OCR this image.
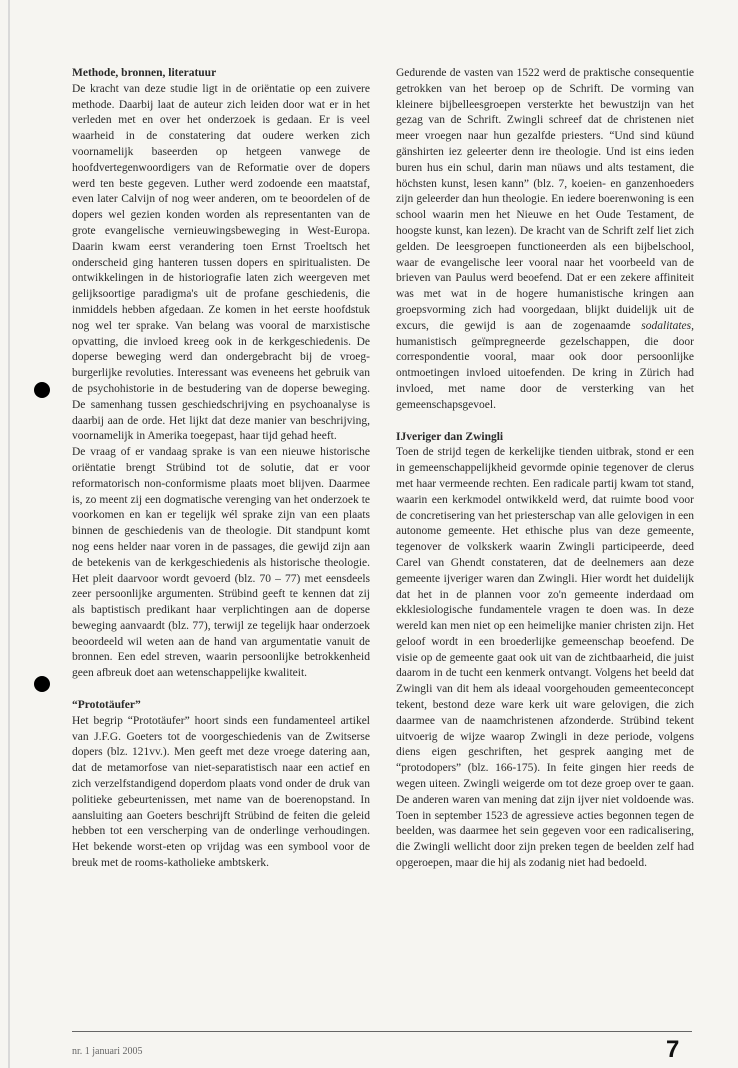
Methode, bronnen, literatuur

De kracht van deze studie ligt in de oriëntatie op een zuivere methode. Daarbij laat de auteur zich leiden door wat er in het verleden met en over het onderzoek is gedaan. Er is veel waarheid in de constatering dat oudere werken zich voornamelijk baseerden op hetgeen vanwege de hoofdvertegenwoordigers van de Reformatie over de dopers werd ten beste gegeven. Luther werd zodoende een maatstaf, even later Calvijn of nog weer anderen, om te beoordelen of de dopers wel gezien konden worden als representanten van de grote evangelische vernieuwingsbeweging in West-Europa. Daarin kwam eerst verandering toen Ernst Troeltsch het onderscheid ging hanteren tussen dopers en spiritualisten. De ontwikkelingen in de historiografie laten zich weergeven met gelijksoortige paradigma's uit de profane geschiedenis, die inmiddels hebben afgedaan. Ze komen in het eerste hoofdstuk nog wel ter sprake. Van belang was vooral de marxistische opvatting, die invloed kreeg ook in de kerkgeschiedenis. De doperse beweging werd dan ondergebracht bij de vroeg-burgerlijke revoluties. Interessant was eveneens het gebruik van de psychohistorie in de bestudering van de doperse beweging. De samenhang tussen geschiedschrijving en psychoanalyse is daarbij aan de orde. Het lijkt dat deze manier van beschrijving, voornamelijk in Amerika toegepast, haar tijd gehad heeft.

De vraag of er vandaag sprake is van een nieuwe historische oriëntatie brengt Strübind tot de solutie, dat er voor reformatorisch non-conformisme plaats moet blijven. Daarmee is, zo meent zij een dogmatische verenging van het onderzoek te voorkomen en kan er tegelijk wél sprake zijn van een plaats binnen de geschiedenis van de theologie. Dit standpunt komt nog eens helder naar voren in de passages, die gewijd zijn aan de betekenis van de kerkgeschiedenis als historische theologie. Het pleit daarvoor wordt gevoerd (blz. 70 – 77) met eensdeels zeer persoonlijke argumenten. Strübind geeft te kennen dat zij als baptistisch predikant haar verplichtingen aan de doperse beweging aanvaardt (blz. 77), terwijl ze tegelijk haar onderzoek beoordeeld wil weten aan de hand van argumentatie vanuit de bronnen. Een edel streven, waarin persoonlijke betrokkenheid geen afbreuk doet aan wetenschappelijke kwaliteit.

“Prototäufer”

Het begrip “Prototäufer” hoort sinds een fundamenteel artikel van J.F.G. Goeters tot de voorgeschiedenis van de Zwitserse dopers (blz. 121vv.). Men geeft met deze vroege datering aan, dat de metamorfose van niet-separatistisch naar een actief en zich verzelfstandigend doperdom plaats vond onder de druk van politieke gebeurtenissen, met name van de boerenopstand. In aansluiting aan Goeters beschrijft Strübind de feiten die geleid hebben tot een verscherping van de onderlinge verhoudingen. Het bekende worst-eten op vrijdag was een symbool voor de breuk met de rooms-katholieke ambtskerk.

Gedurende de vasten van 1522 werd de praktische consequentie getrokken van het beroep op de Schrift. De vorming van kleinere bijbelleesgroepen versterkte het bewustzijn van het gezag van de Schrift. Zwingli schreef dat de christenen niet meer vroegen naar hun gezalfde priesters. “Und sind küund gänshirten iez geleerter denn ire theologie. Und ist eins ieden buren hus ein schul, darin man nüaws und alts testament, die höchsten kunst, lesen kann” (blz. 7, koeien- en ganzenhoeders zijn geleerder dan hun theologie. En iedere boerenwoning is een school waarin men het Nieuwe en het Oude Testament, de hoogste kunst, kan lezen). De kracht van de Schrift zelf liet zich gelden. De leesgroepen functioneerden als een bijbelschool, waar de evangelische leer vooral naar het voorbeeld van de brieven van Paulus werd beoefend. Dat er een zekere affiniteit was met wat in de hogere humanistische kringen aan groepsvorming zich had voorgedaan, blijkt duidelijk uit de excurs, die gewijd is aan de zogenaamde sodalitates, humanistisch geïmpregneerde gezelschappen, die door correspondentie vooral, maar ook door persoonlijke ontmoetingen invloed uitoefenden. De kring in Zürich had invloed, met name door de versterking van het gemeenschapsgevoel.

IJveriger dan Zwingli

Toen de strijd tegen de kerkelijke tienden uitbrak, stond er een in gemeenschappelijkheid gevormde opinie tegenover de clerus met haar vermeende rechten. Een radicale partij kwam tot stand, waarin een kerkmodel ontwikkeld werd, dat ruimte bood voor de concretisering van het priesterschap van alle gelovigen in een autonome gemeente. Het ethische plus van deze gemeente, tegenover de volkskerk waarin Zwingli participeerde, deed Carel van Ghendt constateren, dat de deelnemers aan deze gemeente ijveriger waren dan Zwingli. Hier wordt het duidelijk dat het in de plannen voor zo'n gemeente inderdaad om ekklesiologische fundamentele vragen te doen was. In deze wereld kan men niet op een heimelijke manier christen zijn. Het geloof wordt in een broederlijke gemeenschap beoefend. De visie op de gemeente gaat ook uit van de zichtbaarheid, die juist daarom in de tucht een kenmerk ontvangt. Volgens het beeld dat Zwingli van dit hem als ideaal voorgehouden gemeenteconcept tekent, bestond deze ware kerk uit ware gelovigen, die zich daarmee van de naamchristenen afzonderde. Strübind tekent uitvoerig de wijze waarop Zwingli in deze periode, volgens diens eigen geschriften, het gesprek aanging met de “protodopers” (blz. 166-175). In feite gingen hier reeds de wegen uiteen. Zwingli weigerde om tot deze groep over te gaan. De anderen waren van mening dat zijn ijver niet voldoende was. Toen in september 1523 de agressieve acties begonnen tegen de beelden, was daarmee het sein gegeven voor een radicalisering, die Zwingli wellicht door zijn preken tegen de beelden zelf had opgeroepen, maar die hij als zodanig niet had bedoeld.

nr. 1 januari 2005	7
